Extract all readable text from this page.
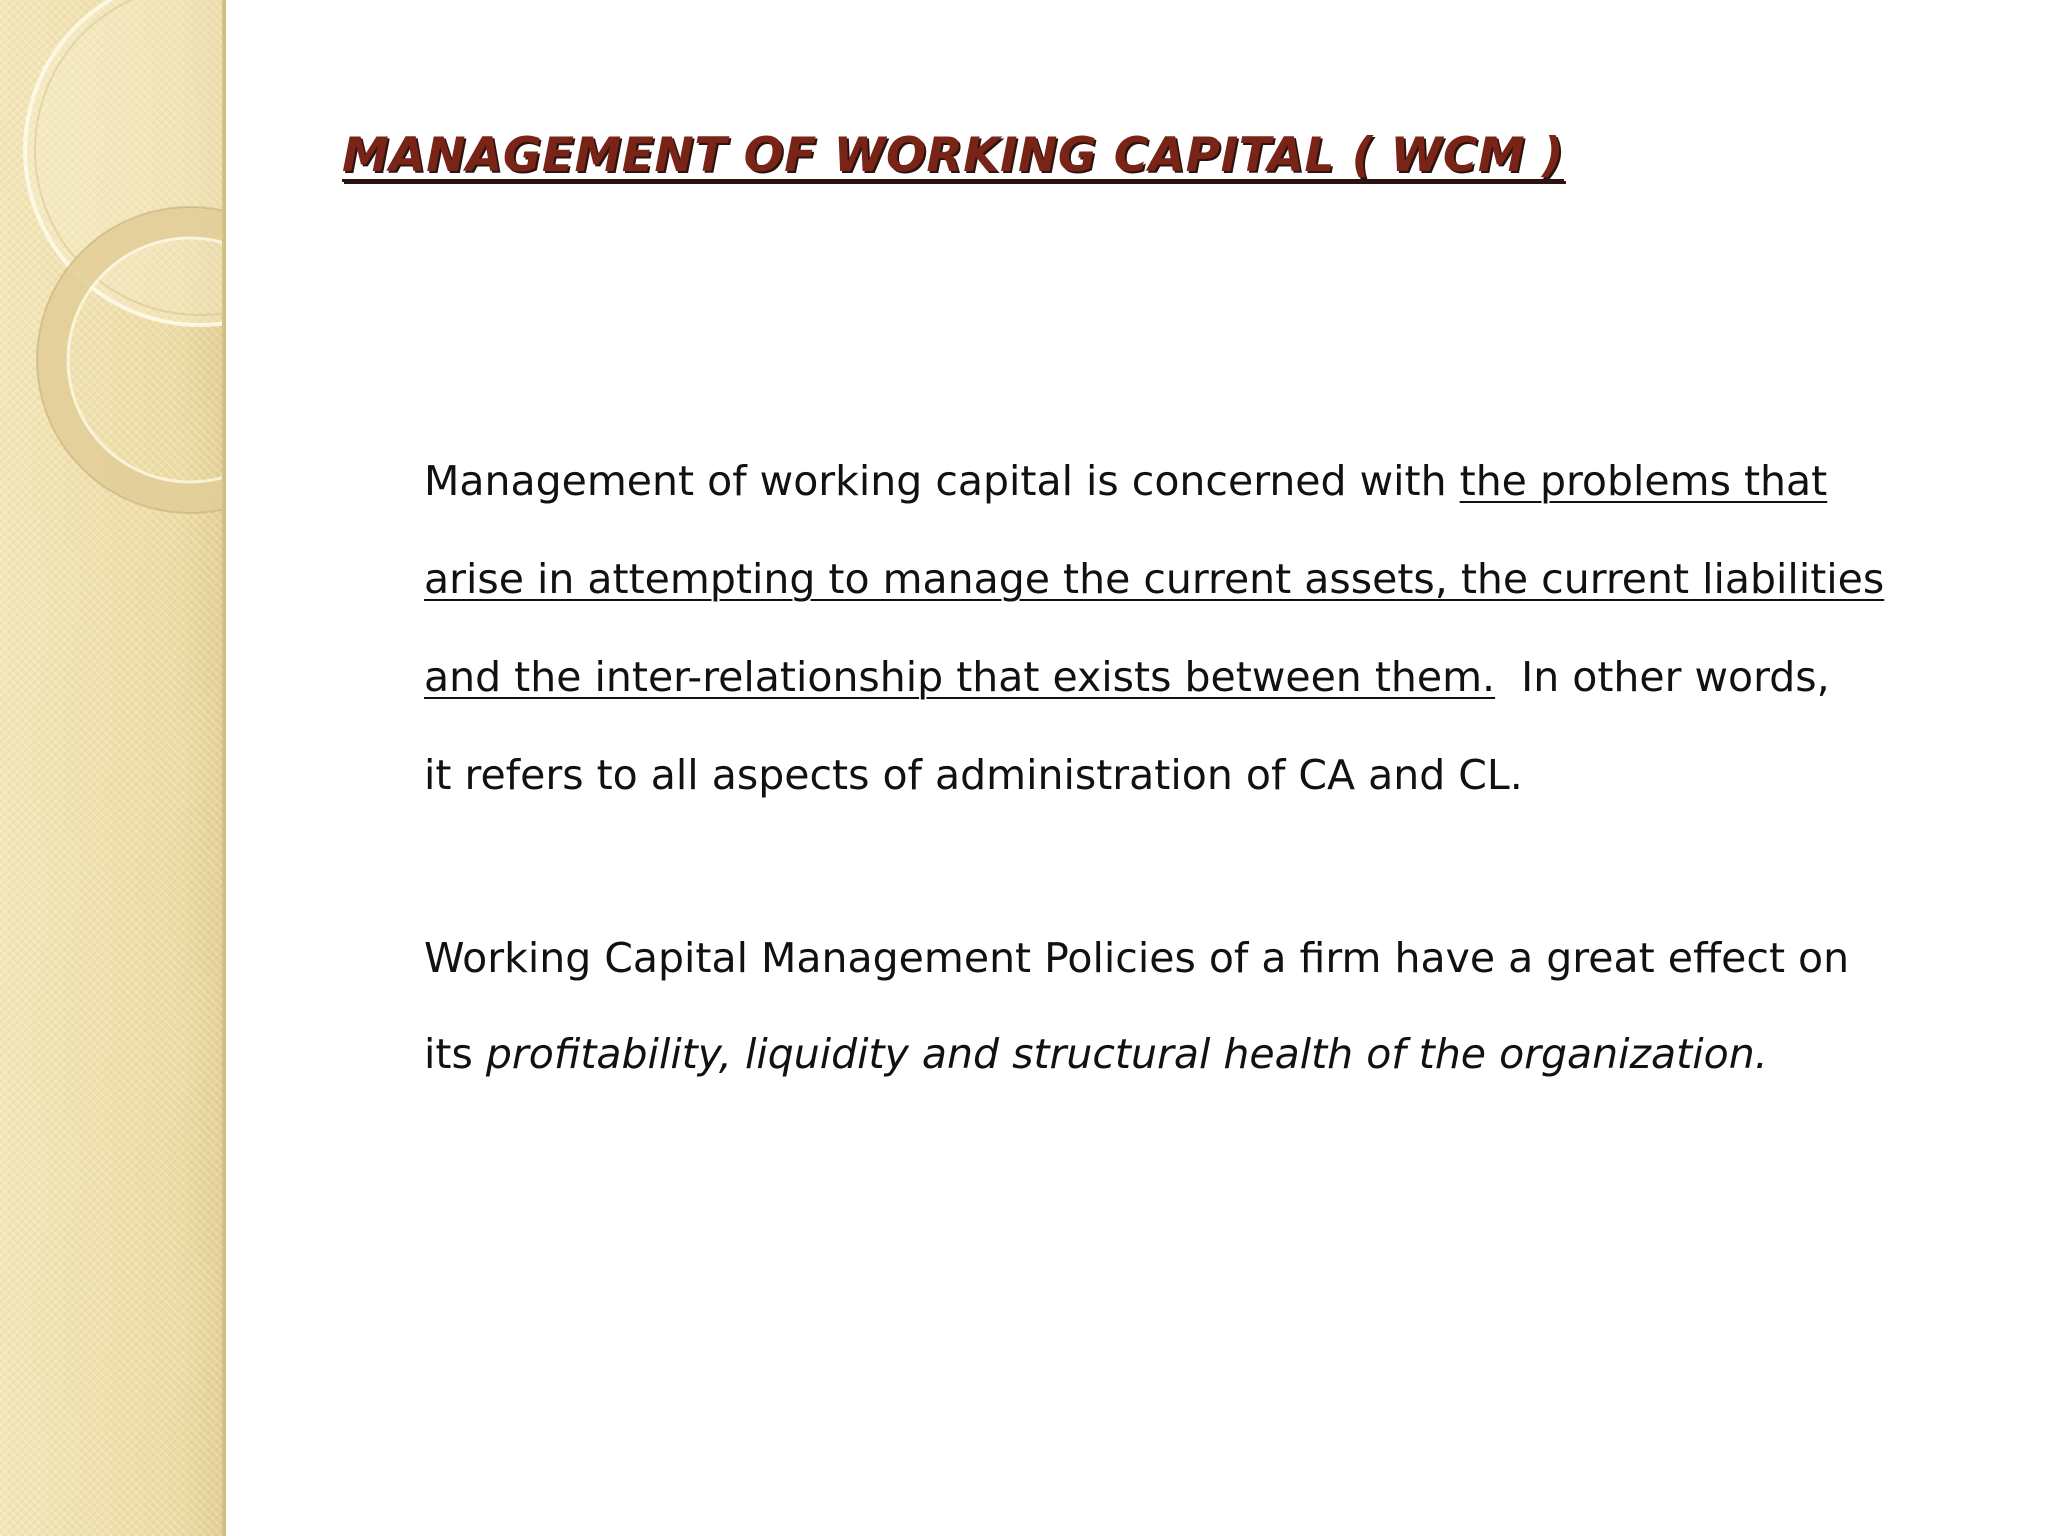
MANAGEMENT OF WORKING CAPITAL ( WCM )

Management of working capital is concerned with the problems that
arise in attempting to manage the current assets, the current liabilities
and the inter-relationship that exists between them.  In other words,
it refers to all aspects of administration of CA and CL.

Working Capital Management Policies of a firm have a great effect on
its profitability, liquidity and structural health of the organization.
